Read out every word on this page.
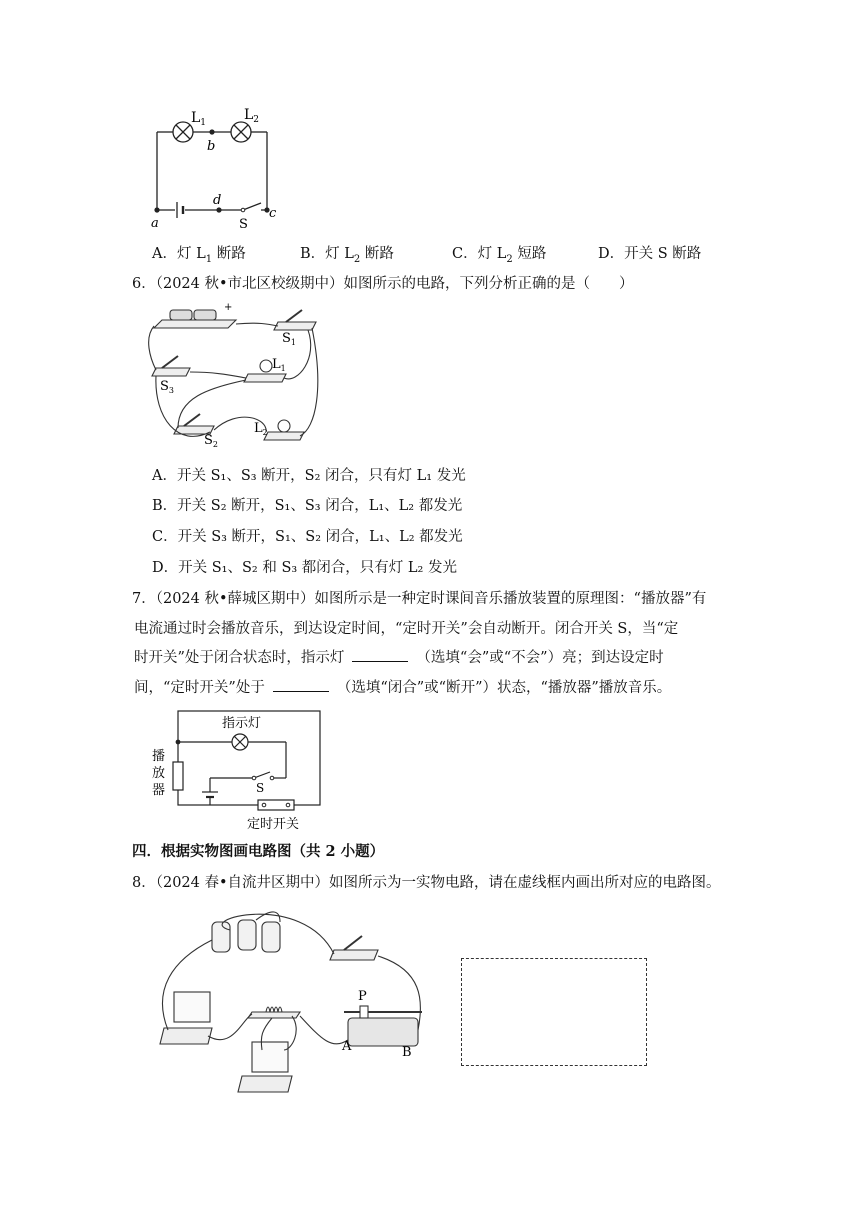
$L_1$	$L_2$
b
d
a
c
S
A．灯 $L_1$ 断路	B．灯 $L_2$ 断路	C．灯 $L_2$ 短路	D．开关 S 断路
6．（2024 秋•市北区校级期中）如图所示的电路，下列分析正确的是（　　）
+
$S_1$
$S_3$
$L_1$
$S_2$
$L_2$
A．开关 S₁、S₃ 断开，S₂ 闭合，只有灯 L₁ 发光
B．开关 S₂ 断开，S₁、S₃ 闭合，L₁、L₂ 都发光
C．开关 S₃ 断开，S₁、S₂ 闭合，L₁、L₂ 都发光
D．开关 S₁、S₂ 和 S₃ 都闭合，只有灯 L₂ 发光
7．（2024 秋•薛城区期中）如图所示是一种定时课间音乐播放装置的原理图：“播放器”有
电流通过时会播放音乐，到达设定时间，“定时开关”会自动断开。闭合开关 S，当“定
时开关”处于闭合状态时，指示灯	（选填“会”或“不会”）亮；到达设定时
间，“定时开关”处于	（选填“闭合”或“断开”）状态，“播放器”播放音乐。
指示灯
播
放
器	S
定时开关
四．根据实物图画电路图（共 2 小题）
8．（2024 春•自流井区期中）如图所示为一实物电路，请在虚线框内画出所对应的电路图。
P
A	B
